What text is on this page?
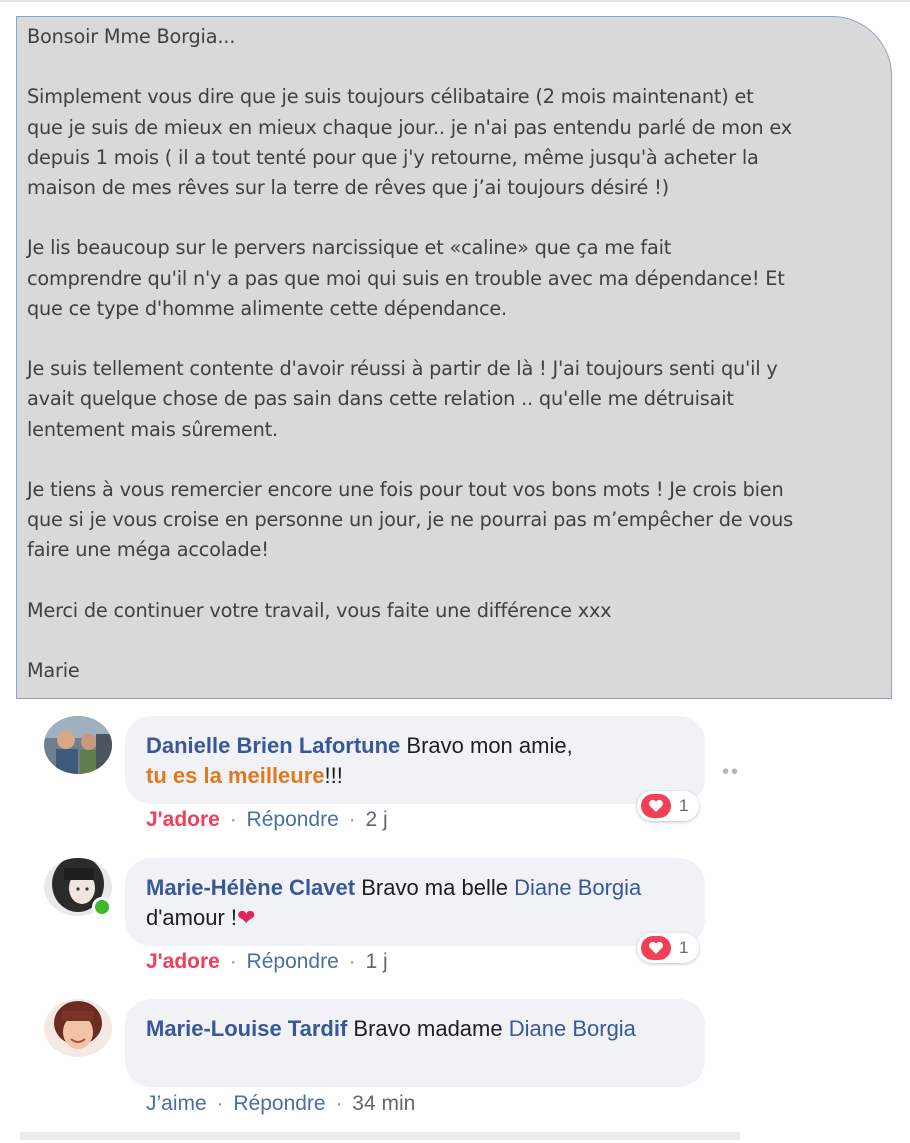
Bonsoir Mme Borgia...

Simplement vous dire que je suis toujours célibataire (2 mois maintenant) et
que je suis de mieux en mieux chaque jour.. je n'ai pas entendu parlé de mon ex
depuis 1 mois ( il a tout tenté pour que j'y retourne, même jusqu'à acheter la
maison de mes rêves sur la terre de rêves que j’ai toujours désiré !)

Je lis beaucoup sur le pervers narcissique et «caline» que ça me fait
comprendre qu'il n'y a pas que moi qui suis en trouble avec ma dépendance! Et
que ce type d'homme alimente cette dépendance.

Je suis tellement contente d'avoir réussi à partir de là ! J'ai toujours senti qu'il y
avait quelque chose de pas sain dans cette relation .. qu'elle me détruisait
lentement mais sûrement.

Je tiens à vous remercier encore une fois pour tout vos bons mots ! Je crois bien
que si je vous croise en personne un jour, je ne pourrai pas m’empêcher de vous
faire une méga accolade!

Merci de continuer votre travail, vous faite une différence xxx

Marie

Danielle Brien Lafortune Bravo mon amie,
tu es la meilleure!!!	••
1
J'adore · Répondre · 2 j
Marie-Hélène Clavet Bravo ma belle Diane Borgia d'amour !❤
1
J'adore · Répondre · 1 j
Marie-Louise Tardif Bravo madame Diane Borgia
J’aime · Répondre · 34 min
